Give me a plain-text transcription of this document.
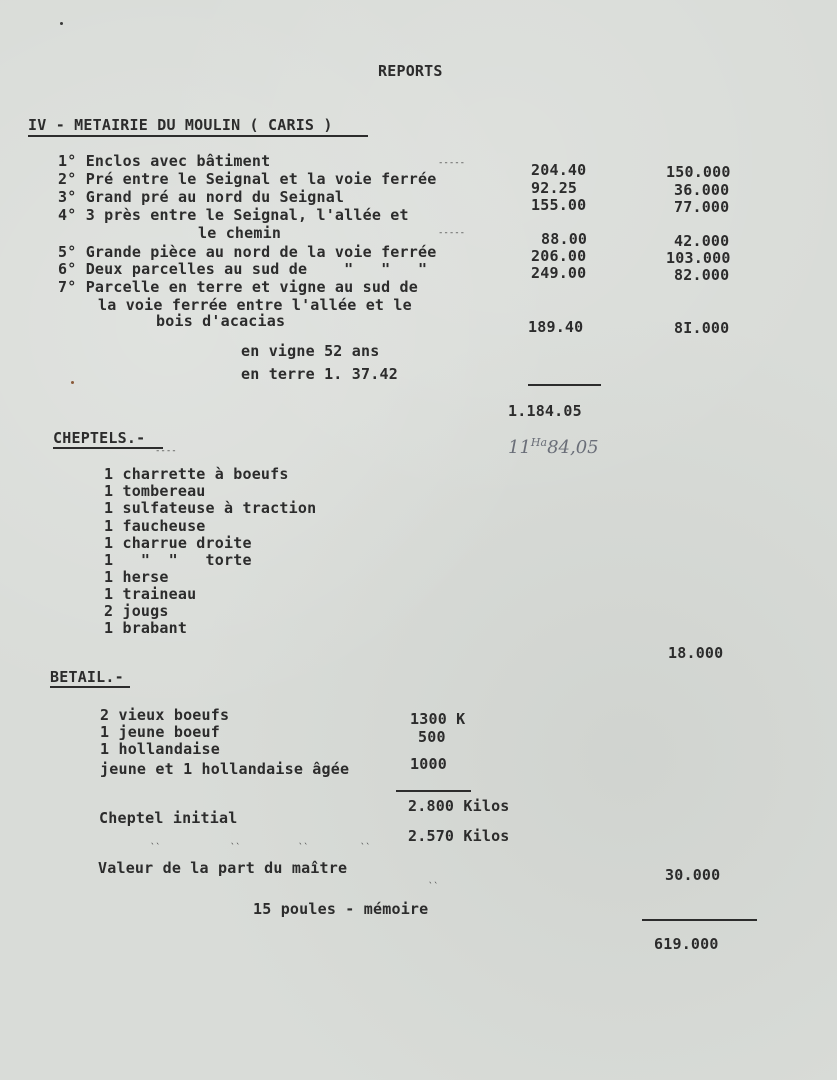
REPORTS
IV - METAIRIE DU MOULIN ( CARIS )
1° Enclos avec bâtiment	204.40	150.000
2° Pré entre le Seignal et la voie ferrée	92.25	36.000
3° Grand pré au nord du Seignal	155.00	77.000
4° 3 près entre le Seignal, l'allée et
le chemin	88.00	42.000
5° Grande pièce au nord de la voie ferrée	206.00	103.000
6° Deux parcelles au sud de    "   "   "	249.00	82.000
7° Parcelle en terre et vigne au sud de
la voie ferrée entre l'allée et le
bois d'acacias	189.40	8I.000
en vigne 52 ans
en terre 1. 37.42
1.184.05
$11^{Ha}84,05$
CHEPTELS.-
1 charrette à boeufs
1 tombereau
1 sulfateuse à traction
1 faucheuse
1 charrue droite
1   "  "   torte
1 herse
1 traineau
2 jougs
1 brabant
18.000
BETAIL.-
2 vieux boeufs	1300 K
1 jeune boeuf	500
1 hollandaise
jeune et 1 hollandaise âgée	1000
2.800 Kilos
Cheptel initial
2.570 Kilos
Valeur de la part du maître	30.000
15 poules - mémoire
619.000
-----
-----
----
``	``	``	``
``
